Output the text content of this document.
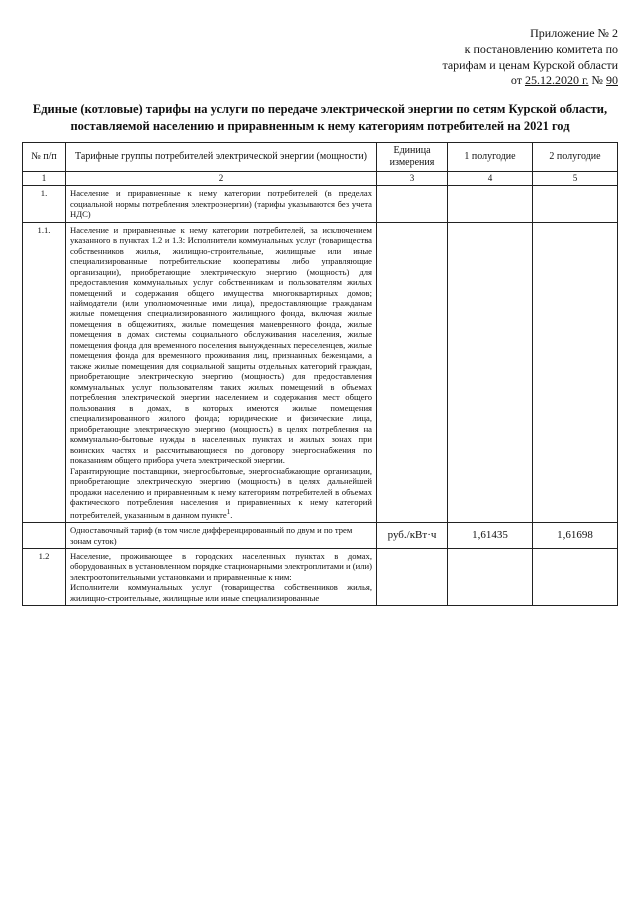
Приложение № 2
к постановлению комитета по
тарифам и ценам Курской области
от 25.12.2020 г. № 90
Единые (котловые) тарифы на услуги по передаче электрической энергии по сетям Курской области,
поставляемой населению и приравненным к нему категориям потребителей на 2021 год
№ п/п	Тарифные группы потребителей электрической энергии (мощности)	Единица измерения	1 полугодие	2 полугодие
1	2	3	4	5
1.	Население и приравненные к нему категории потребителей (в пределах социальной нормы потребления электроэнергии) (тарифы указываются без учета НДС)			
1.1.	Население и приравненные к нему категории потребителей, за исключением указанного в пунктах 1.2 и 1.3: Исполнители коммунальных услуг (товарищества собственников жилья, жилищно-строительные, жилищные или иные специализированные потребительские кооперативы либо управляющие организации), приобретающие электрическую энергию (мощность) для предоставления коммунальных услуг собственникам и пользователям жилых помещений и содержания общего имущества многоквартирных домов; наймодатели (или уполномоченные ими лица), предоставляющие гражданам жилые помещения специализированного жилищного фонда, включая жилые помещения в общежитиях, жилые помещения маневренного фонда, жилые помещения в домах системы социального обслуживания населения, жилые помещения фонда для временного поселения вынужденных переселенцев, жилые помещения фонда для временного проживания лиц, признанных беженцами, а также жилые помещения для социальной защиты отдельных категорий граждан, приобретающие электрическую энергию (мощность) для предоставления коммунальных услуг пользователям таких жилых помещений в объемах потребления электрической энергии населением и содержания мест общего пользования в домах, в которых имеются жилые помещения специализированного жилого фонда; юридические и физические лица, приобретающие электрическую энергию (мощность) в целях потребления на коммунально-бытовые нужды в населенных пунктах и жилых зонах при воинских частях и рассчитывающиеся по договору энергоснабжения по показаниям общего прибора учета электрической энергии.
Гарантирующие поставщики, энергосбытовые, энергоснабжающие организации, приобретающие электрическую энергию (мощность) в целях дальнейшей продажи населению и приравненным к нему категориям потребителей в объемах фактического потребления населения и приравненных к нему категорий потребителей, указанным в данном пункте$^1$.			

	Одноставочный тариф (в том числе дифференцированный по двум и по трем зонам суток)	руб./кВт·ч	1,61435	1,61698
1.2	Население, проживающее в городских населенных пунктах в домах, оборудованных в установленном порядке стационарными электроплитами и (или) электроотопительными установками и приравненные к ним:
Исполнители коммунальных услуг (товарищества собственников жилья, жилищно-строительные, жилищные или иные специализированные			
